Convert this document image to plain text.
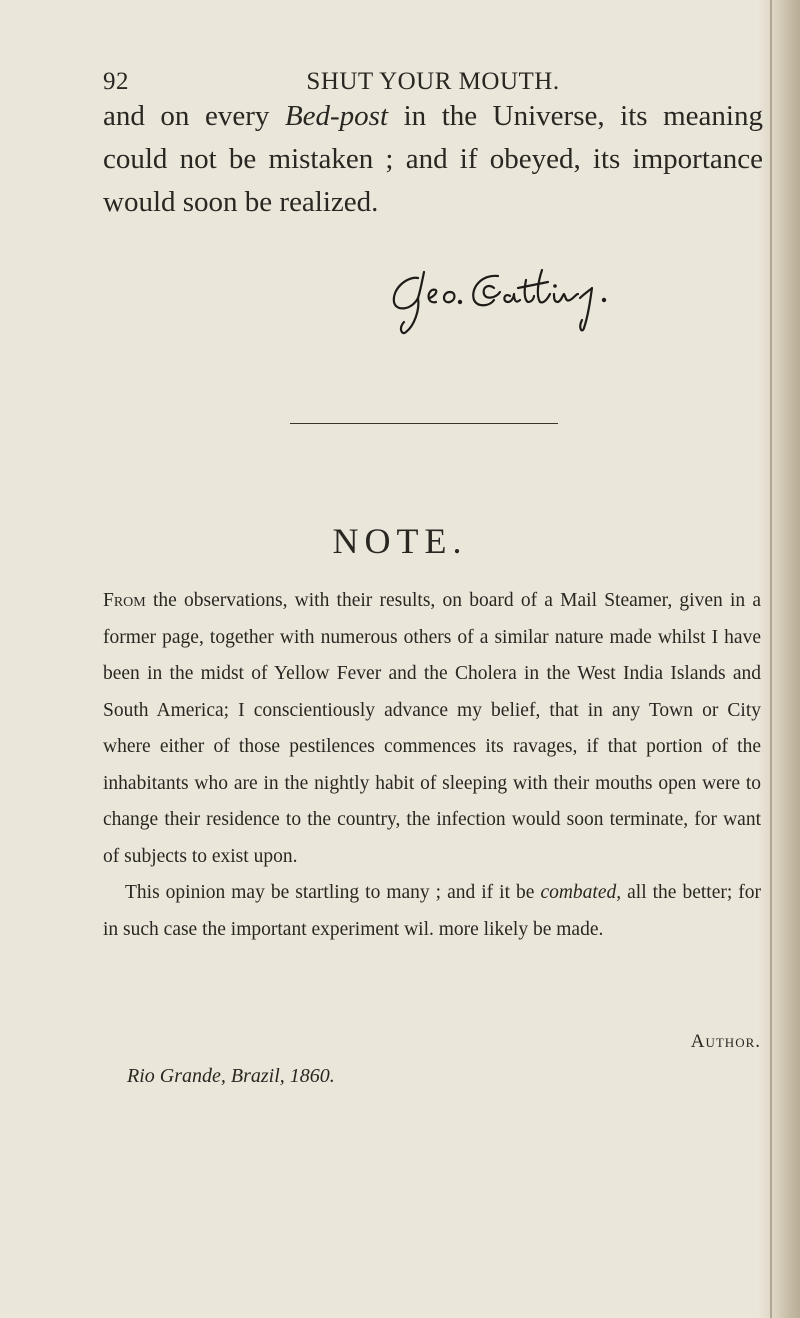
92	SHUT YOUR MOUTH.
and on every Bed-post in the Universe, its meaning could not be mistaken ; and if obeyed, its importance would soon be realized.
NOTE.

From the observations, with their results, on board of a Mail Steamer, given in a former page, together with numerous others of a similar nature made whilst I have been in the midst of Yellow Fever and the Cholera in the West India Islands and South America; I conscientiously advance my belief, that in any Town or City where either of those pestilences commences its ravages, if that portion of the inhabitants who are in the nightly habit of sleeping with their mouths open were to change their residence to the country, the infection would soon terminate, for want of subjects to exist upon.

This opinion may be startling to many ; and if it be combated, all the better; for in such case the important experiment wil. more likely be made.

Author.
Rio Grande, Brazil, 1860.
